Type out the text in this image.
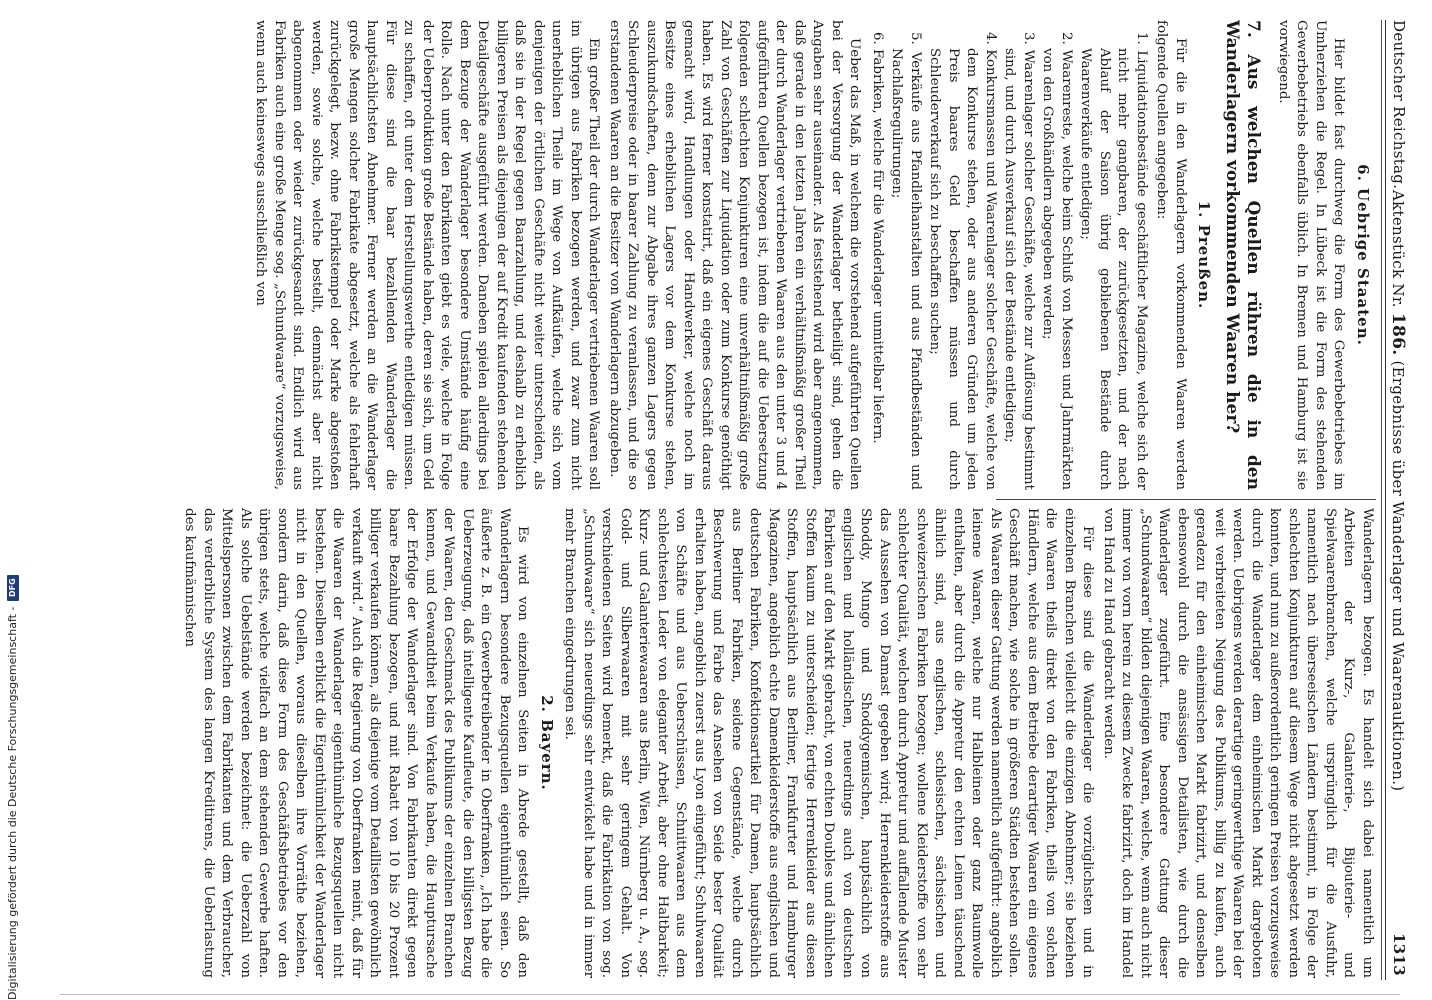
Deutscher Reichstag.
Aktenstück Nr. 186. (Ergebnisse über Wanderlager und Waarenauktionen.)
1313
6. Uebrige Staaten.

Hier bildet fast durchweg die Form des Gewerbebetriebes im Umherziehen die Regel. In Lübeck ist die Form des stehenden Gewerbebetriebs ebenfalls üblich. In Bremen und Hamburg ist sie vorwiegend.

7. Aus welchen Quellen rühren die in den Wanderlagern vorkommenden Waaren her?
1. Preußen.

Für die in den Wanderlagern vorkommenden Waaren werden folgende Quellen angegeben:

1. Liquidationsbestände geschäftlicher Magazine, welche sich der nicht mehr gangbaren, der zurückgesetzten, und der nach Ablauf der Saison übrig gebliebenen Bestände durch Waarenverkäufe entledigen;
2. Waarenreste, welche beim Schluß von Messen und Jahrmärkten von den Großhändlern abgegeben werden;
3. Waarenlager solcher Geschäfte, welche zur Auflösung bestimmt sind, und durch Ausverkauf sich der Bestände entledigen;
4. Konkursmassen und Waarenlager solcher Geschäfte, welche von dem Konkurse stehen, oder aus anderen Gründen um jeden Preis baares Geld beschaffen müssen und durch Schleuderverkauf sich zu beschaffen suchen;
5. Verkäufe aus Pfandleihanstalten und aus Pfandbeständen und Nachlaßregulirungen;
6. Fabriken, welche für die Wanderlager unmittelbar liefern.

Ueber das Maß, in welchem die vorstehend aufgeführten Quellen bei der Versorgung der Wanderlager betheiligt sind, gehen die Angaben sehr auseinander. Als feststehend wird aber angenommen, daß gerade in den letzten Jahren ein verhältnißmäßig großer Theil der durch Wanderlager vertriebenen Waaren aus den unter 3 und 4 aufgeführten Quellen bezogen ist, indem die auf die Uebersetzung folgenden schlechten Konjunkturen eine unverhältnißmäßig große Zahl von Geschäften zur Liquidation oder zum Konkurse genöthigt haben. Es wird ferner konstatirt, daß ein eigenes Geschäft daraus gemacht wird, Handlungen oder Handwerker, welche noch im Besitze eines erheblichen Lagers vor dem Konkurse stehen, auszukundschaften, denn zur Abgabe ihres ganzen Lagers gegen Schleuderpreise oder in baarer Zahlung zu veranlassen, und die so erstandenen Waaren an die Besitzer von Wanderlagern abzugeben.

Ein großer Theil der durch Wanderlager vertriebenen Waaren soll im übrigen aus Fabriken bezogen werden, und zwar zum nicht unerheblichen Theile im Wege von Aufkäufen, welche sich vom denjenigen der örtlichen Geschäfte nicht weiter unterscheiden, als daß sie in der Regel gegen Baarzahlung, und deshalb zu erheblich billigeren Preisen als diejenigen der auf Kredit kaufenden stehenden Detailgeschäfte ausgeführt werden. Daneben spielen allerdings bei dem Bezuge der Wanderlager besondere Umstände häufig eine Rolle. Nach unter den Fabrikanten giebt es viele, welche in Folge der Ueberproduktion große Bestände haben, deren sie sich, um Geld zu schaffen, oft unter dem Herstellungswerthe entledigen müssen. Für diese sind die baar bezahlenden Wanderlager die hauptsächlichsten Abnehmer. Ferner werden an die Wanderlager große Mengen solcher Fabrikate abgesetzt, welche als fehlerhaft zurückgelegt, bezw. ohne Fabrikstempel oder Marke abgestoßen werden, sowie solche, welche bestellt, demnächst aber nicht abgenommen oder wieder zurückgesandt sind. Endlich wird aus Fabriken auch eine große Menge sog. „Schundwaare“ vorzugsweise, wenn auch keineswegs ausschließlich von

Wanderlagern bezogen. Es handelt sich dabei namentlich um Arbeiten der Kurz-, Galanterie-, Bijouterie- und Spielwaarenbranchen, welche ursprünglich für die Ausfuhr, namentlich nach überseeischen Ländern bestimmt, in Folge der schlechten Konjunkturen auf diesem Wege nicht abgesetzt werden konnten, und nun zu außerordentlich geringen Preisen vorzugsweise durch die Wanderlager dem einheimischen Markt dargeboten werden. Uebrigens werden derartige geringwerthige Waaren bei der weit verbreiteten Neigung des Publikums, billig zu kaufen, auch geradezu für den einheimischen Markt fabrizirt, und denselben ebensowohl durch die ansässigen Detailisten, wie durch die Wanderlager zugeführt. Eine besondere Gattung dieser „Schundwaaren“ bilden diejenigen Waaren, welche, wenn auch nicht immer von vorn herein zu diesem Zwecke fabrizirt, doch im Handel von Hand zu Hand gebracht werden.

Für diese sind die Wanderlager die vorzüglichsten und in einzelnen Branchen vielleicht die einzigen Abnehmer; sie beziehen die Waaren theils direkt von den Fabriken, theils von solchen Händlern, welche aus dem Betriebe derartiger Waaren ein eigenes Geschäft machen, wie solche in größeren Städten bestehen sollen. Als Waaren dieser Gattung werden namentlich aufgeführt: angeblich leinene Waaren, welche nur Halbleinen oder ganz Baumwolle enthalten, aber durch die Appretur den echten Leinen täuschend ähnlich sind, aus englischen, schlesischen, sächsischen und schweizerischen Fabriken bezogen; wollene Kleiderstoffe von sehr schlechter Qualität, welchen durch Appretur und auffallende Muster das Aussehen von Damast gegeben wird; Herrenkleiderstoffe aus Shoddy, Mungo und Shoddygemischen, hauptsächlich von englischen und holländischen, neuerdings auch von deutschen Fabriken auf den Markt gebracht, von echten Doubles und ähnlichen Stoffen kaum zu unterscheiden; fertige Herrenkleider aus diesen Stoffen, hauptsächlich aus Berliner, Frankfurter und Hamburger Magazinen, angeblich echte Damenkleiderstoffe aus englischen und deutschen Fabriken, Konfektionsartikel für Damen, hauptsächlich aus Berliner Fabriken, seidene Gegenstände, welche durch Beschwerung und Farbe das Ansehen von Seide bester Qualität erhalten haben, angeblich zuerst aus Lyon eingeführt; Schuhwaaren von Schäfte und aus Ueberschüssen, Schnittwaaren aus dem schlechtesten Leder von eleganter Arbeit, aber ohne Haltbarkeit; Kurz- und Galanteriewaaren aus Berlin, Wien, Nürnberg u. A., sog. Gold- und Silberwaaren mit sehr geringem Gehalt. Von verschiedenen Seiten wird bemerkt, daß die Fabrikation von sog. „Schundwaare“ sich neuerdings sehr entwickelt habe und in immer mehr Branchen eingedrungen sei.

2. Bayern.

Es wird von einzelnen Seiten in Abrede gestellt, daß den Wanderlagern besondere Bezugsquellen eigenthümlich seien. So äußerte z. B. ein Gewerbetreibender in Oberfranken, „Ich habe die Ueberzeugung, daß intelligente Kaufleute, die den billigsten Bezug der Waaren, den Geschmack des Publikums der einzelnen Branchen kennen, und Gewandtheit beim Verkaufe haben, die Hauptursache der Erfolge der Wanderlager sind. Von Fabrikanten direkt gegen baare Bezahlung bezogen, und mit Rabatt von 10 bis 20 Prozent billiger verkaufen können, als diejenige vom Detaillisten gewöhnlich verkauft wird.“ Auch die Regierung von Oberfranken meint, daß für die Waaren der Wanderlager eigenthümliche Bezugsquellen nicht bestehen. Dieselben erblickt die Eigenthümlichkeit der Wanderlager nicht in den Quellen, woraus dieselben ihre Vorräthe beziehen, sondern darin, daß diese Form des Geschäftsbetriebes vor den übrigen stets, welche vielfach an dem stehenden Gewerbe haften. Als solche Uebelstände werden bezeichnet: die Ueberzahl von Mittelspersonen zwischen dem Fabrikanten und dem Verbraucher, das verderbliche System des langen Kreditirens, die Ueberlastung des kaufmännischen

Digitalisierung gefördert durch die Deutsche Forschungsgemeinschaft -
DFG
